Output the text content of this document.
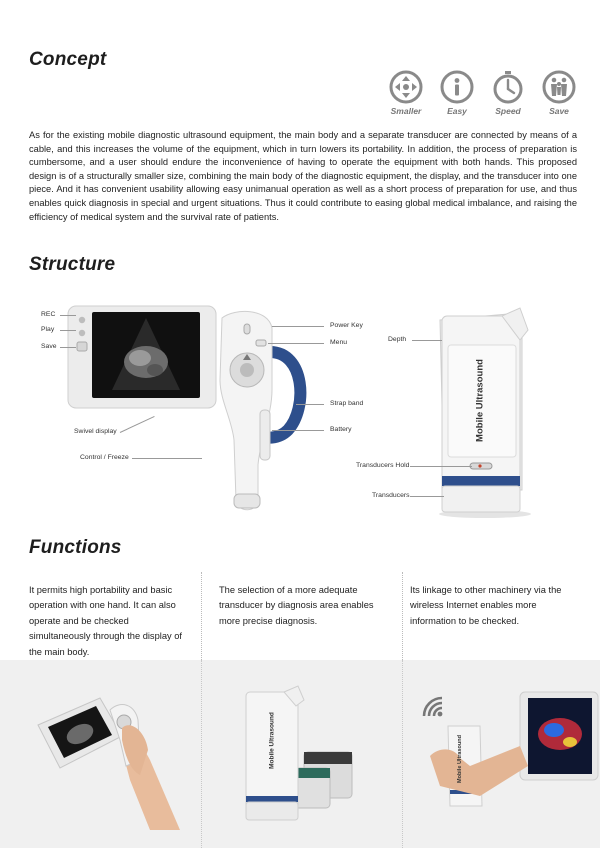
Concept
Smaller	Easy	Speed	Save

As for the existing mobile diagnostic ultrasound equipment, the main body and a separate transducer are connected by means of a cable, and this increases the volume of the equipment, which in turn lowers its portability. In addition, the process of preparation is cumbersome, and a user should endure the inconvenience of having to operate the equipment with both hands. This proposed design is of a structurally smaller size, combining the main body of the diagnostic equipment, the display, and the transducer into one piece. And it has convenient usability allowing easy unimanual operation as well as a short process of preparation for use, and thus enables quick diagnosis in special and urgent situations. Thus it could contribute to easing global medical imbalance, and raising the efficiency of medical system and the survival rate of patients.

Structure
REC
Play
Save
Swivel display
Control / Freeze
Power Key
Menu
Strap band
Battery	Mobile Ultrasound
Depth
Transducers Hold
Transducers
Functions

It permits high portability and basic operation with one hand. It can also operate and be checked simultaneously through the display of the main body.

The selection of a more adequate transducer by diagnosis area enables more precise diagnosis.

Its linkage to other machinery via the wireless Internet enables more information to be checked.

Mobile Ultrasound	Mobile Ultrasound
